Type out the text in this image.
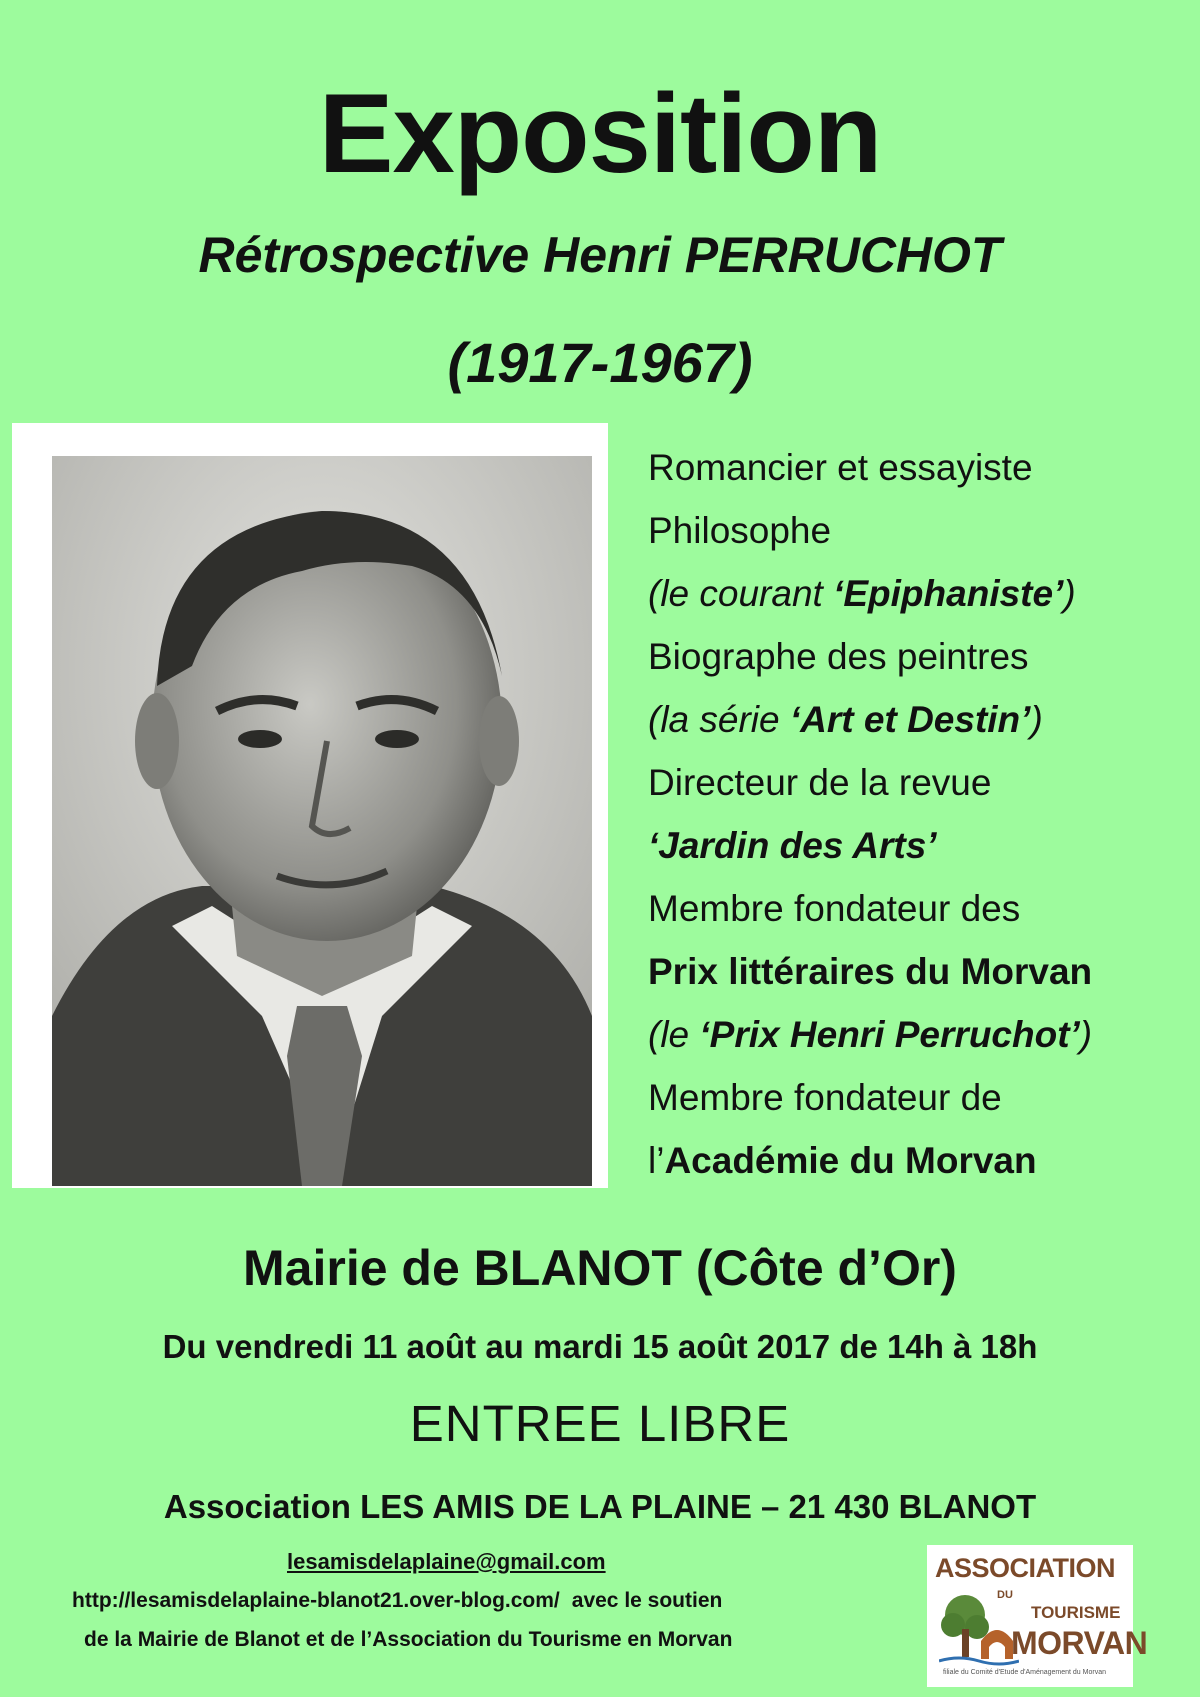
Exposition
Rétrospective Henri PERRUCHOT
(1917-1967)
Romancier et essayiste
Philosophe
(le courant ‘Epiphaniste’)
Biographe des peintres
(la série ‘Art et Destin’)
Directeur de la revue
‘Jardin des Arts’
Membre fondateur des
Prix littéraires du Morvan
(le ‘Prix Henri Perruchot’)
Membre fondateur de
l’Académie du Morvan
Mairie de BLANOT (Côte d’Or)
Du vendredi 11 août au mardi 15 août 2017 de 14h à 18h
ENTREE LIBRE
Association LES AMIS DE LA PLAINE – 21 430 BLANOT
lesamisdelaplaine@gmail.com
http://lesamisdelaplaine-blanot21.over-blog.com/ avec le soutien
de la Mairie de Blanot et de l’Association du Tourisme en Morvan
ASSOCIATION
DU
TOURISME
MORVAN
filiale du Comité d'Etude d'Aménagement du Morvan
